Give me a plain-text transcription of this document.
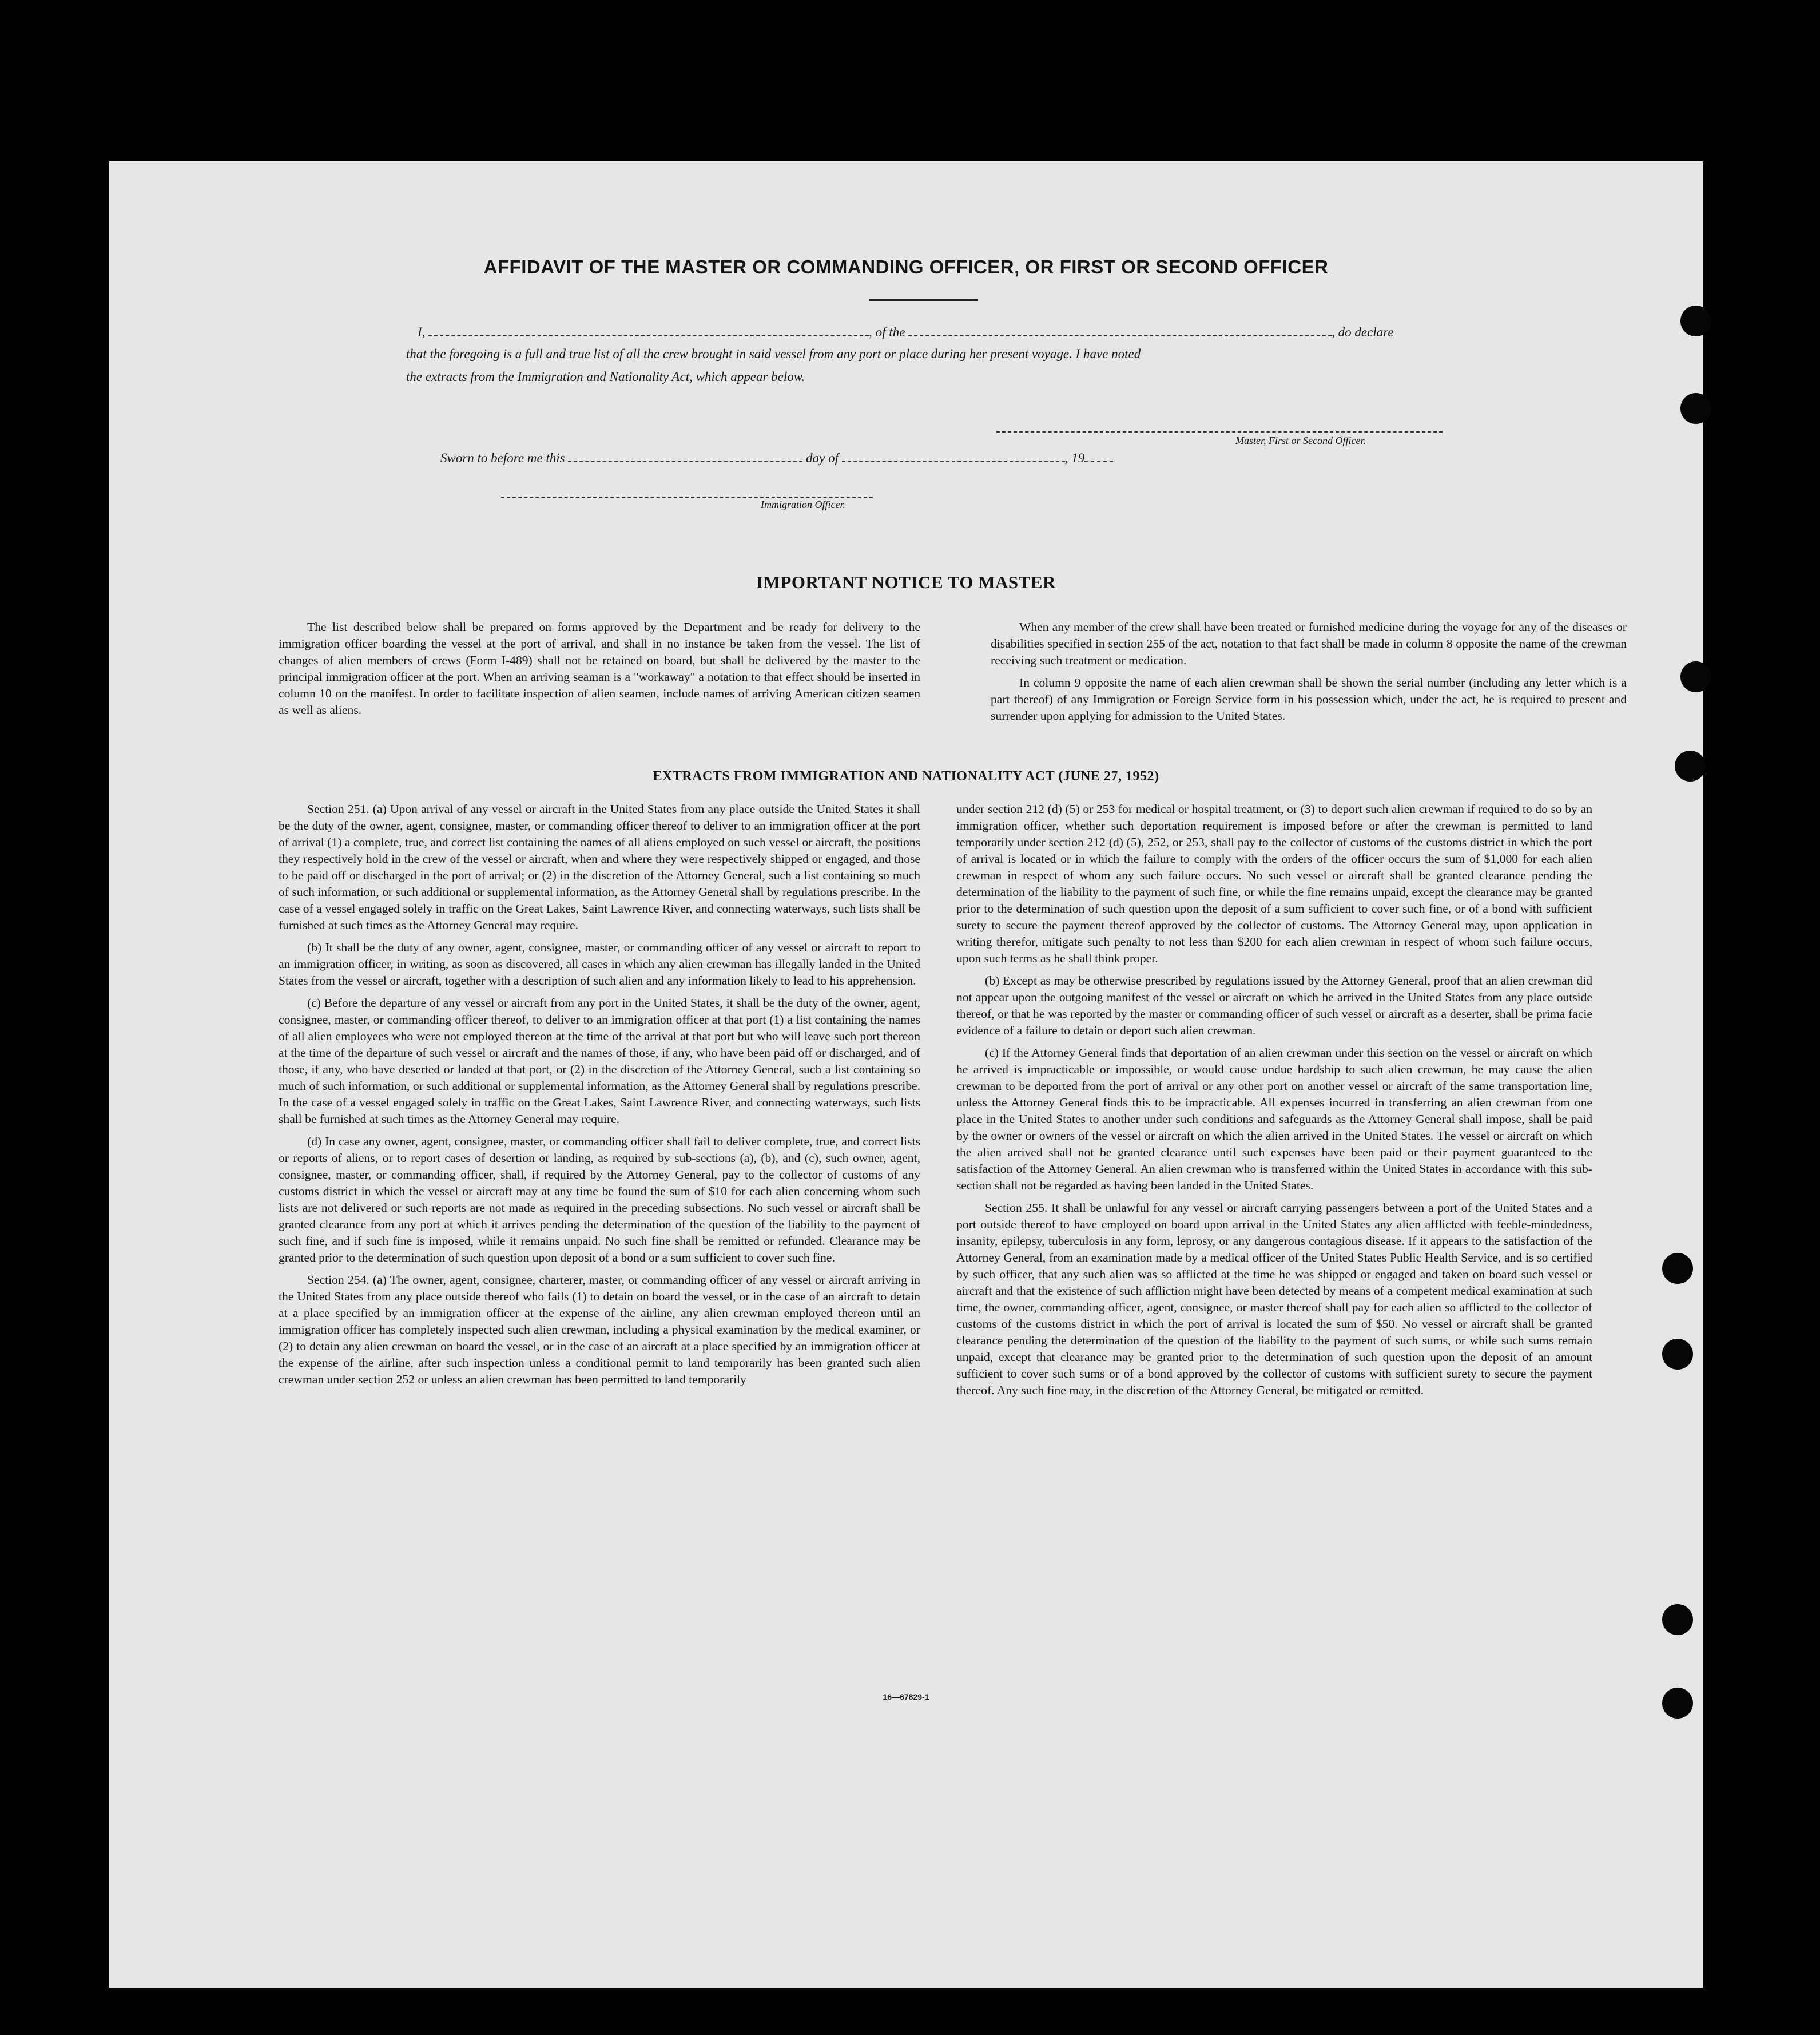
AFFIDAVIT OF THE MASTER OR COMMANDING OFFICER, OR FIRST OR SECOND OFFICER
I,	, of the	, do declare
that the foregoing is a full and true list of all the crew brought in said vessel from any port or place during her present voyage. I have noted
the extracts from the Immigration and Nationality Act, which appear below.
Master, First or Second Officer.
Sworn to before me this	day of	, 19
Immigration Officer.
IMPORTANT NOTICE TO MASTER

The list described below shall be prepared on forms approved by the Department and be ready for delivery to the immigration officer boarding the vessel at the port of arrival, and shall in no instance be taken from the vessel. The list of changes of alien members of crews (Form I-489) shall not be retained on board, but shall be delivered by the master to the principal immigration officer at the port. When an arriving seaman is a "workaway" a notation to that effect should be inserted in column 10 on the manifest. In order to facilitate inspection of alien seamen, include names of arriving American citizen seamen as well as aliens.

When any member of the crew shall have been treated or furnished medicine during the voyage for any of the diseases or disabilities specified in section 255 of the act, notation to that fact shall be made in column 8 opposite the name of the crewman receiving such treatment or medication.

In column 9 opposite the name of each alien crewman shall be shown the serial number (including any letter which is a part thereof) of any Immigration or Foreign Service form in his possession which, under the act, he is required to present and surrender upon applying for admission to the United States.

EXTRACTS FROM IMMIGRATION AND NATIONALITY ACT (JUNE 27, 1952)

Section 251. (a) Upon arrival of any vessel or aircraft in the United States from any place outside the United States it shall be the duty of the owner, agent, consignee, master, or commanding officer thereof to deliver to an immigration officer at the port of arrival (1) a complete, true, and correct list containing the names of all aliens employed on such vessel or aircraft, the positions they respectively hold in the crew of the vessel or aircraft, when and where they were respectively shipped or engaged, and those to be paid off or discharged in the port of arrival; or (2) in the discretion of the Attorney General, such a list containing so much of such information, or such additional or supplemental information, as the Attorney General shall by regulations prescribe. In the case of a vessel engaged solely in traffic on the Great Lakes, Saint Lawrence River, and connecting waterways, such lists shall be furnished at such times as the Attorney General may require.

(b) It shall be the duty of any owner, agent, consignee, master, or commanding officer of any vessel or aircraft to report to an immigration officer, in writing, as soon as discovered, all cases in which any alien crewman has illegally landed in the United States from the vessel or aircraft, together with a description of such alien and any information likely to lead to his apprehension.

(c) Before the departure of any vessel or aircraft from any port in the United States, it shall be the duty of the owner, agent, consignee, master, or commanding officer thereof, to deliver to an immigration officer at that port (1) a list containing the names of all alien employees who were not employed thereon at the time of the arrival at that port but who will leave such port thereon at the time of the departure of such vessel or aircraft and the names of those, if any, who have been paid off or discharged, and of those, if any, who have deserted or landed at that port, or (2) in the discretion of the Attorney General, such a list containing so much of such information, or such additional or supplemental information, as the Attorney General shall by regulations prescribe. In the case of a vessel engaged solely in traffic on the Great Lakes, Saint Lawrence River, and connecting waterways, such lists shall be furnished at such times as the Attorney General may require.

(d) In case any owner, agent, consignee, master, or commanding officer shall fail to deliver complete, true, and correct lists or reports of aliens, or to report cases of desertion or landing, as required by sub-sections (a), (b), and (c), such owner, agent, consignee, master, or commanding officer, shall, if required by the Attorney General, pay to the collector of customs of any customs district in which the vessel or aircraft may at any time be found the sum of $10 for each alien concerning whom such lists are not delivered or such reports are not made as required in the preceding subsections. No such vessel or aircraft shall be granted clearance from any port at which it arrives pending the determination of the question of the liability to the payment of such fine, and if such fine is imposed, while it remains unpaid. No such fine shall be remitted or refunded. Clearance may be granted prior to the determination of such question upon deposit of a bond or a sum sufficient to cover such fine.

Section 254. (a) The owner, agent, consignee, charterer, master, or commanding officer of any vessel or aircraft arriving in the United States from any place outside thereof who fails (1) to detain on board the vessel, or in the case of an aircraft to detain at a place specified by an immigration officer at the expense of the airline, any alien crewman employed thereon until an immigration officer has completely inspected such alien crewman, including a physical examination by the medical examiner, or (2) to detain any alien crewman on board the vessel, or in the case of an aircraft at a place specified by an immigration officer at the expense of the airline, after such inspection unless a conditional permit to land temporarily has been granted such alien crewman under section 252 or unless an alien crewman has been permitted to land temporarily

under section 212 (d) (5) or 253 for medical or hospital treatment, or (3) to deport such alien crewman if required to do so by an immigration officer, whether such deportation requirement is imposed before or after the crewman is permitted to land temporarily under section 212 (d) (5), 252, or 253, shall pay to the collector of customs of the customs district in which the port of arrival is located or in which the failure to comply with the orders of the officer occurs the sum of $1,000 for each alien crewman in respect of whom any such failure occurs. No such vessel or aircraft shall be granted clearance pending the determination of the liability to the payment of such fine, or while the fine remains unpaid, except the clearance may be granted prior to the determination of such question upon the deposit of a sum sufficient to cover such fine, or of a bond with sufficient surety to secure the payment thereof approved by the collector of customs. The Attorney General may, upon application in writing therefor, mitigate such penalty to not less than $200 for each alien crewman in respect of whom such failure occurs, upon such terms as he shall think proper.

(b) Except as may be otherwise prescribed by regulations issued by the Attorney General, proof that an alien crewman did not appear upon the outgoing manifest of the vessel or aircraft on which he arrived in the United States from any place outside thereof, or that he was reported by the master or commanding officer of such vessel or aircraft as a deserter, shall be prima facie evidence of a failure to detain or deport such alien crewman.

(c) If the Attorney General finds that deportation of an alien crewman under this section on the vessel or aircraft on which he arrived is impracticable or impossible, or would cause undue hardship to such alien crewman, he may cause the alien crewman to be deported from the port of arrival or any other port on another vessel or aircraft of the same transportation line, unless the Attorney General finds this to be impracticable. All expenses incurred in transferring an alien crewman from one place in the United States to another under such conditions and safeguards as the Attorney General shall impose, shall be paid by the owner or owners of the vessel or aircraft on which the alien arrived in the United States. The vessel or aircraft on which the alien arrived shall not be granted clearance until such expenses have been paid or their payment guaranteed to the satisfaction of the Attorney General. An alien crewman who is transferred within the United States in accordance with this sub-section shall not be regarded as having been landed in the United States.

Section 255. It shall be unlawful for any vessel or aircraft carrying passengers between a port of the United States and a port outside thereof to have employed on board upon arrival in the United States any alien afflicted with feeble-mindedness, insanity, epilepsy, tuberculosis in any form, leprosy, or any dangerous contagious disease. If it appears to the satisfaction of the Attorney General, from an examination made by a medical officer of the United States Public Health Service, and is so certified by such officer, that any such alien was so afflicted at the time he was shipped or engaged and taken on board such vessel or aircraft and that the existence of such affliction might have been detected by means of a competent medical examination at such time, the owner, commanding officer, agent, consignee, or master thereof shall pay for each alien so afflicted to the collector of customs of the customs district in which the port of arrival is located the sum of $50. No vessel or aircraft shall be granted clearance pending the determination of the question of the liability to the payment of such sums, or while such sums remain unpaid, except that clearance may be granted prior to the determination of such question upon the deposit of an amount sufficient to cover such sums or of a bond approved by the collector of customs with sufficient surety to secure the payment thereof. Any such fine may, in the discretion of the Attorney General, be mitigated or remitted.

16—67829-1
